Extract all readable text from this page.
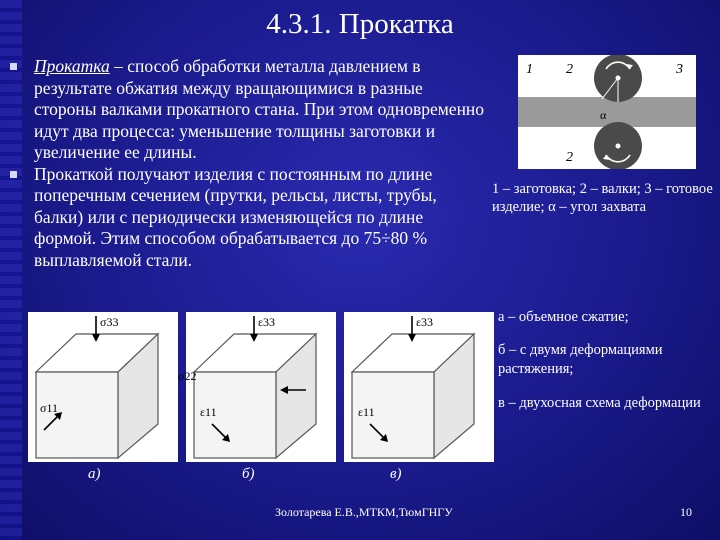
4.3.1. Прокатка
Прокатка – способ обработки металла давлением в результате обжатия между вращающимися в разные стороны валками прокатного стана. При этом одновременно идут два процесса: уменьшение толщины заготовки и увеличение ее длины.
Прокаткой получают изделия с постоянным по длине поперечным сечением (прутки, рельсы, листы, трубы, балки) или с периодически изменяющейся по длине формой. Этим способом обрабатывается до 75÷80 % выплавляемой стали.
1 2	3
2
α
1 – заготовка; 2 – валки; 3 – готовое изделие; α – угол захвата
σ33
σ11
ε33
σ22
ε11
ε33
ε11
а)	б)	в)
а – объемное сжатие;
б – с двумя деформациями растяжения;
в – двухосная схема деформации
Золотарева Е.В.,МТКМ,ТюмГНГУ	10
